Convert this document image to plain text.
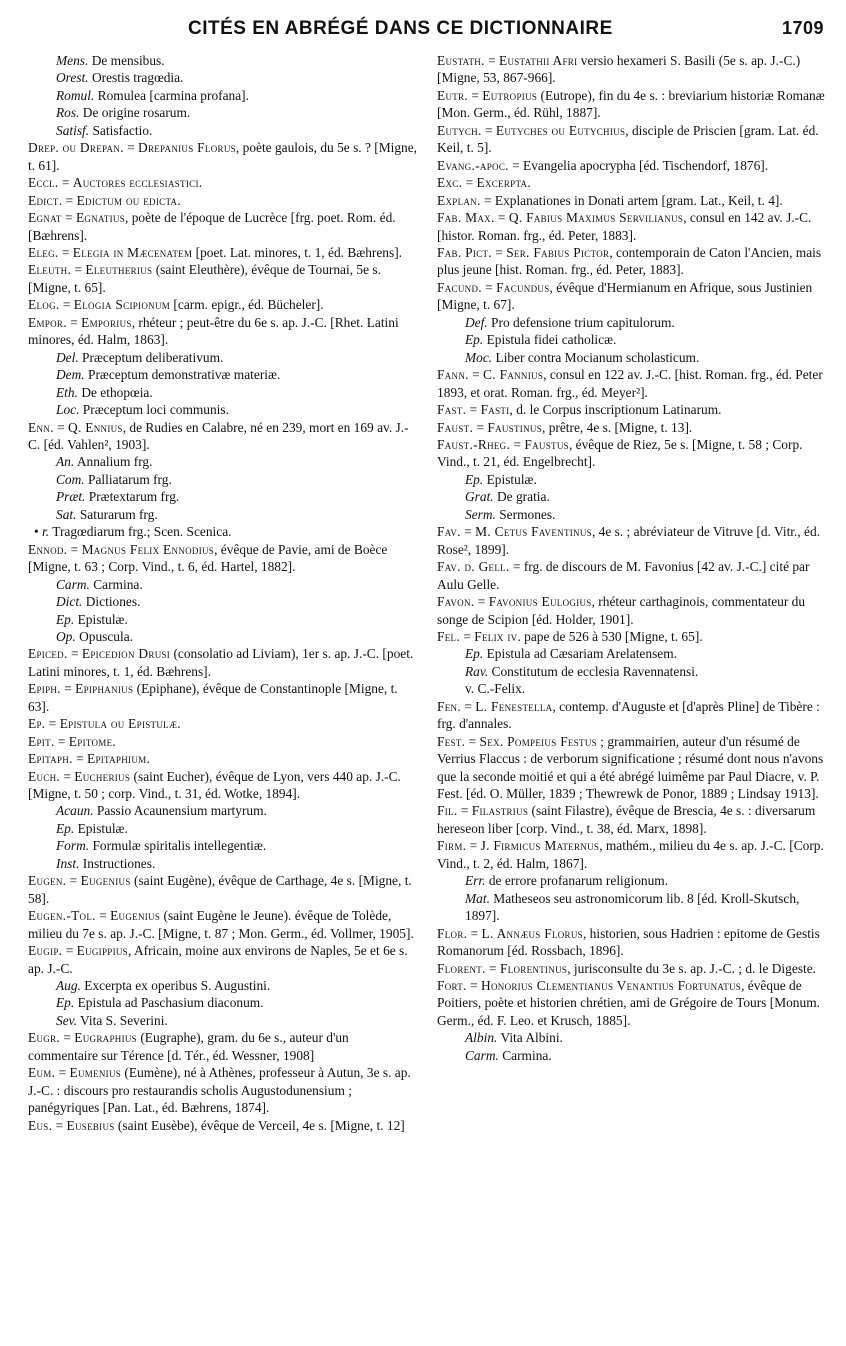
CITÉS EN ABRÉGÉ DANS CE DICTIONNAIRE	1709
Mens. De mensibus.
Orest. Orestis tragœdia.
Romul. Romulea [carmina profana].
Ros. De origine rosarum.
Satisf. Satisfactio.
Drep. ou Drepan. = Drepanius Florus, poète gaulois, du 5e s. ? [Migne, t. 61].
Eccl. = Auctores ecclesiastici.
Edict. = Edictum ou edicta.
Egnat = Egnatius, poète de l'époque de Lucrèce [frg. poet. Rom. éd. [Bæhrens].
Eleg. = Elegia in Mæcenatem [poet. Lat. minores, t. 1, éd. Bæhrens].
Eleuth. = Eleutherius (saint Eleuthère), évêque de Tournai, 5e s. [Migne, t. 65].
Elog. = Elogia Scipionum [carm. epigr., éd. Bücheler].
Empor. = Emporius, rhéteur ; peut-être du 6e s. ap. J.-C. [Rhet. Latini minores, éd. Halm, 1863].
Del. Præceptum deliberativum.
Dem. Præceptum demonstrativæ materiæ.
Eth. De ethopœia.
Loc. Præceptum loci communis.
Enn. = Q. Ennius, de Rudies en Calabre, né en 239, mort en 169 av. J.-C. [éd. Vahlen², 1903].
An. Annalium frg.
Com. Palliatarum frg.
Præt. Prætextarum frg.
Sat. Saturarum frg.
• r. Tragœdiarum frg.; Scen. Scenica.
Ennod. = Magnus Felix Ennodius, évêque de Pavie, ami de Boèce [Migne, t. 63 ; Corp. Vind., t. 6, éd. Hartel, 1882].
Carm. Carmina.
Dict. Dictiones.
Ep. Epistulæ.
Op. Opuscula.
Epiced. = Epicedion Drusi (consolatio ad Liviam), 1er s. ap. J.-C. [poet. Latini minores, t. 1, éd. Bæhrens].
Epiph. = Epiphanius (Epiphane), évêque de Constantinople [Migne, t. 63].
Ep. = Epistula ou Epistulæ.
Epit. = Epitome.
Epitaph. = Epitaphium.
Euch. = Eucherius (saint Eucher), évêque de Lyon, vers 440 ap. J.-C. [Migne, t. 50 ; corp. Vind., t. 31, éd. Wotke, 1894].
Acaun. Passio Acaunensium martyrum.
Ep. Epistulæ.
Form. Formulæ spiritalis intellegentiæ.
Inst. Instructiones.
Eugen. = Eugenius (saint Eugène), évêque de Carthage, 4e s. [Migne, t. 58].
Eugen.-Tol. = Eugenius (saint Eugène le Jeune). évêque de Tolède, milieu du 7e s. ap. J.-C. [Migne, t. 87 ; Mon. Germ., éd. Vollmer, 1905].
Eugip. = Eugippius, Africain, moine aux environs de Naples, 5e et 6e s. ap. J.-C.
Aug. Excerpta ex operibus S. Augustini.
Ep. Epistula ad Paschasium diaconum.
Sev. Vita S. Severini.
Eugr. = Eugraphius (Eugraphe), gram. du 6e s., auteur d'un commentaire sur Térence [d. Tér., éd. Wessner, 1908]
Eum. = Eumenius (Eumène), né à Athènes, professeur à Autun, 3e s. ap. J.-C. : discours pro restaurandis scholis Augustodunensium ; panégyriques [Pan. Lat., éd. Bæhrens, 1874].
Eus. = Eusebius (saint Eusèbe), évêque de Verceil, 4e s. [Migne, t. 12]
Eustath. = Eustathii Afri versio hexameri S. Basili (5e s. ap. J.-C.) [Migne, 53, 867-966].
Eutr. = Eutropius (Eutrope), fin du 4e s. : breviarium historiæ Romanæ [Mon. Germ., éd. Rühl, 1887].
Eutych. = Eutyches ou Eutychius, disciple de Priscien [gram. Lat. éd. Keil, t. 5].
Evang.-apoc. = Evangelia apocrypha [éd. Tischendorf, 1876].
Exc. = Excerpta.
Explan. = Explanationes in Donati artem [gram. Lat., Keil, t. 4].
Fab. Max. = Q. Fabius Maximus Servilianus, consul en 142 av. J.-C. [histor. Roman. frg., éd. Peter, 1883].
Fab. Pict. = Ser. Fabius Pictor, contemporain de Caton l'Ancien, mais plus jeune [hist. Roman. frg., éd. Peter, 1883].
Facund. = Facundus, évêque d'Hermianum en Afrique, sous Justinien [Migne, t. 67].
Def. Pro defensione trium capitulorum.
Ep. Epistula fidei catholicæ.
Moc. Liber contra Mocianum scholasticum.
Fann. = C. Fannius, consul en 122 av. J.-C. [hist. Roman. frg., éd. Peter 1893, et orat. Roman. frg., éd. Meyer²].
Fast. = Fasti, d. le Corpus inscriptionum Latinarum.
Faust. = Faustinus, prêtre, 4e s. [Migne, t. 13].
Faust.-Rheg. = Faustus, évêque de Riez, 5e s. [Migne, t. 58 ; Corp. Vind., t. 21, éd. Engelbrecht].
Ep. Epistulæ.
Grat. De gratia.
Serm. Sermones.
Fav. = M. Cetus Faventinus, 4e s. ; abréviateur de Vitruve [d. Vitr., éd. Rose², 1899].
Fav. d. Gell. = frg. de discours de M. Favonius [42 av. J.-C.] cité par Aulu Gelle.
Favon. = Favonius Eulogius, rhéteur carthaginois, commentateur du songe de Scipion [éd. Holder, 1901].
Fel. = Felix iv. pape de 526 à 530 [Migne, t. 65].
Ep. Epistula ad Cæsariam Arelatensem.
Rav. Constitutum de ecclesia Ravennatensi.
v. C.-Felix.
Fen. = L. Fenestella, contemp. d'Auguste et [d'après Pline] de Tibère : frg. d'annales.
Fest. = Sex. Pompeius Festus ; grammairien, auteur d'un résumé de Verrius Flaccus : de verborum significatione ; résumé dont nous n'avons que la seconde moitié et qui a été abrégé luimême par Paul Diacre, v. P. Fest. [éd. O. Müller, 1839 ; Thewrewk de Ponor, 1889 ; Lindsay 1913].
Fil. = Filastrius (saint Filastre), évêque de Brescia, 4e s. : diversarum hereseon liber [corp. Vind., t. 38, éd. Marx, 1898].
Firm. = J. Firmicus Maternus, mathém., milieu du 4e s. ap. J.-C. [Corp. Vind., t. 2, éd. Halm, 1867].
Err. de errore profanarum religionum.
Mat. Matheseos seu astronomicorum lib. 8 [éd. Kroll-Skutsch, 1897].
Flor. = L. Annæus Florus, historien, sous Hadrien : epitome de Gestis Romanorum [éd. Rossbach, 1896].
Florent. = Florentinus, jurisconsulte du 3e s. ap. J.-C. ; d. le Digeste.
Fort. = Honorius Clementianus Venantius Fortunatus, évêque de Poitiers, poète et historien chrétien, ami de Grégoire de Tours [Monum. Germ., éd. F. Leo. et Krusch, 1885].
Albin. Vita Albini.
Carm. Carmina.
